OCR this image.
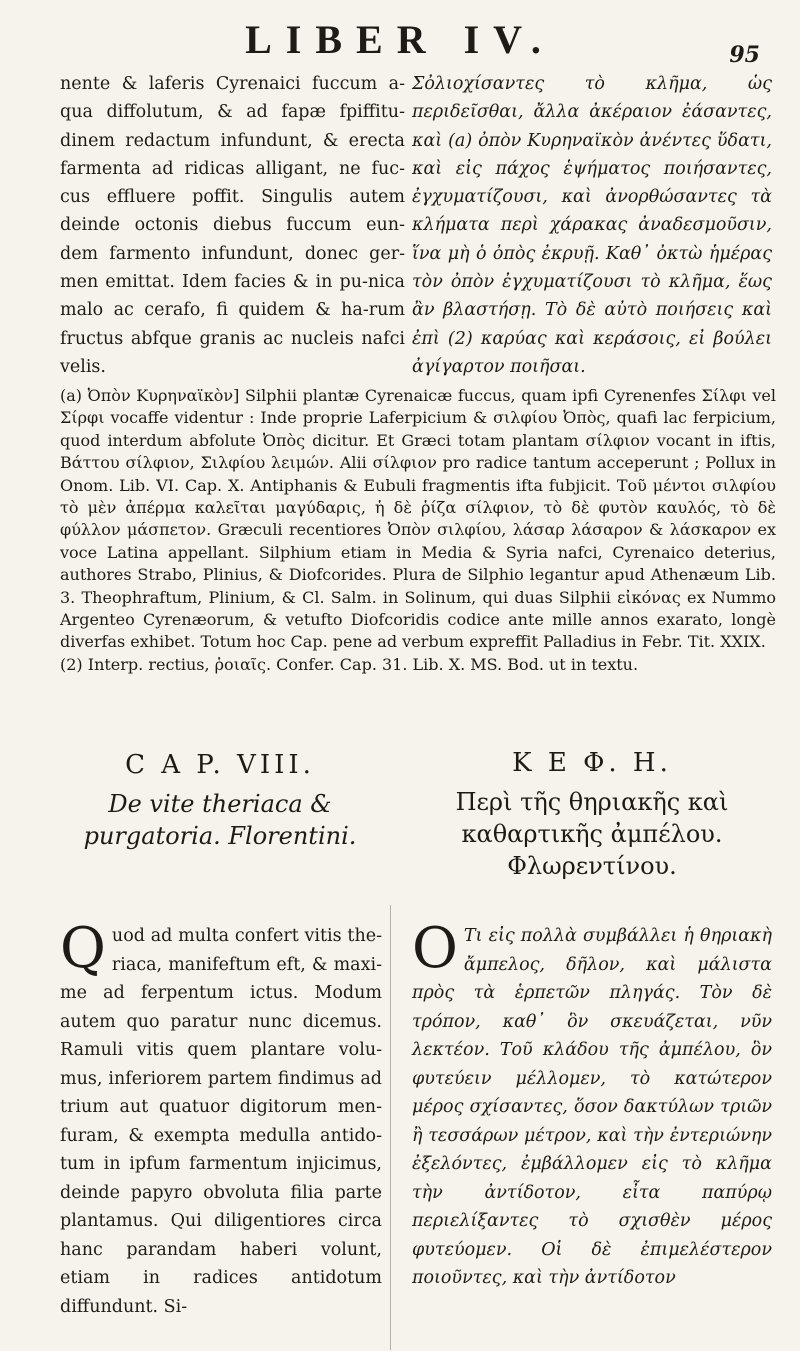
LIBER IV.	95

nente & laferis Cyrenaici fuccum a-qua diffolutum, & ad fapæ fpiffitu-dinem redactum infundunt, & erecta farmenta ad ridicas alligant, ne fuc-cus effluere poffit. Singulis autem deinde octonis diebus fuccum eun-dem farmento infundunt, donec ger-men emittat. Idem facies & in pu-nica malo ac cerafo, fi quidem & ha-rum fructus abfque granis ac nucleis nafci velis.

Σὀλιοχίσαντες τὸ κλῆμα, ὡς περιδεῖσθαι, ἄλλα ἀκέραιον ἐάσαντες, καὶ (a) ὀπὸν Κυρηναϊκὸν ἀνέντες ὕδατι, καὶ εἰς πάχος ἑψήματος ποιήσαντες, ἐγχυματίζουσι, καὶ ἀνορθώσαντες τὰ κλήματα περὶ χάρακας ἀναδεσμοῦσιν, ἵνα μὴ ὁ ὀπὸς ἐκρυῇ. Καθ᾽ ὀκτὼ ἡμέρας τὸν ὀπὸν ἐγχυματίζουσι τὸ κλῆμα, ἕως ἂν βλαστήσῃ. Τὸ δὲ αὐτὸ ποιήσεις καὶ ἐπὶ (2) καρύας καὶ κεράσοις, εἰ βούλει ἀγίγαρτον ποιῆσαι.

(a) Ὀπὸν Κυρηναϊκὸν] Silphii plantæ Cyrenaicæ fuccus, quam ipfi Cyrenenfes Σίλφι vel Σίρφι vocaffe videntur : Inde proprie Laferpicium & σιλφίου Ὀπὸς, quafi lac ferpicium, quod interdum abfolute Ὀπὸς dicitur. Et Græci totam plantam σίλφιον vocant in iftis, Βάττου σίλφιον, Σιλφίου λειμών. Alii σίλφιον pro radice tantum acceperunt ; Pollux in Onom. Lib. VI. Cap. X. Antiphanis & Eubuli fragmentis ifta fubjicit. Τοῦ μέντοι σιλφίου τὸ μὲν ἀπέρμα καλεῖται μαγύδαρις, ἡ δὲ ῥίζα σίλφιον, τὸ δὲ φυτὸν καυλός, τὸ δὲ φύλλον μάσπετον. Græculi recentiores Ὀπὸν σιλφίου, λάσαρ λάσαρον & λάσκαρον ex voce Latina appellant. Silphium etiam in Media & Syria nafci, Cyrenaico deterius, authores Strabo, Plinius, & Diofcorides. Plura de Silphio legantur apud Athenæum Lib. 3. Theophraftum, Plinium, & Cl. Salm. in Solinum, qui duas Silphii εἰκόνας ex Nummo Argenteo Cyrenæorum, & vetufto Diofcoridis codice ante mille annos exarato, longè diverfas exhibet. Totum hoc Cap. pene ad verbum expreffit Palladius in Febr. Tit. XXIX.

(2) Interp. rectius, ῥοιαῖς. Confer. Cap. 31. Lib. X. MS. Bod. ut in textu.

C A P. VIII.
De vite theriaca & purgatoria. Florentini.
Κ Ε Φ. Η.
Περὶ τῆς θηριακῆς καὶ καθαρτικῆς ἀμπέλου. Φλωρεντίνου.

Quod ad multa confert vitis the-riaca, manifeftum eft, & maxi-me ad ferpentum ictus. Modum autem quo paratur nunc dicemus. Ramuli vitis quem plantare volu-mus, inferiorem partem findimus ad trium aut quatuor digitorum men-furam, & exempta medulla antido-tum in ipfum farmentum injicimus, deinde papyro obvoluta filia parte plantamus. Qui diligentiores circa hanc parandam haberi volunt, etiam in radices antidotum diffundunt. Si-

Ο Τι εἰς πολλὰ συμβάλλει ἡ θηριακὴ ἄμπελος, δῆλον, καὶ μάλιστα πρὸς τὰ ἑρπετῶν πληγάς. Τὸν δὲ τρόπον, καθ᾽ ὃν σκευάζεται, νῦν λεκτέον. Τοῦ κλάδου τῆς ἀμπέλου, ὃν φυτεύειν μέλλομεν, τὸ κατώτερον μέρος σχίσαντες, ὅσον δακτύλων τριῶν ἢ τεσσάρων μέτρον, καὶ τὴν ἐντεριώνην ἐξελόντες, ἐμβάλλομεν εἰς τὸ κλῆμα τὴν ἀντίδοτον, εἶτα παπύρῳ περιελίξαντες τὸ σχισθὲν μέρος φυτεύομεν. Οἱ δὲ ἐπιμελέστερον ποιοῦντες, καὶ τὴν ἀντίδοτον
